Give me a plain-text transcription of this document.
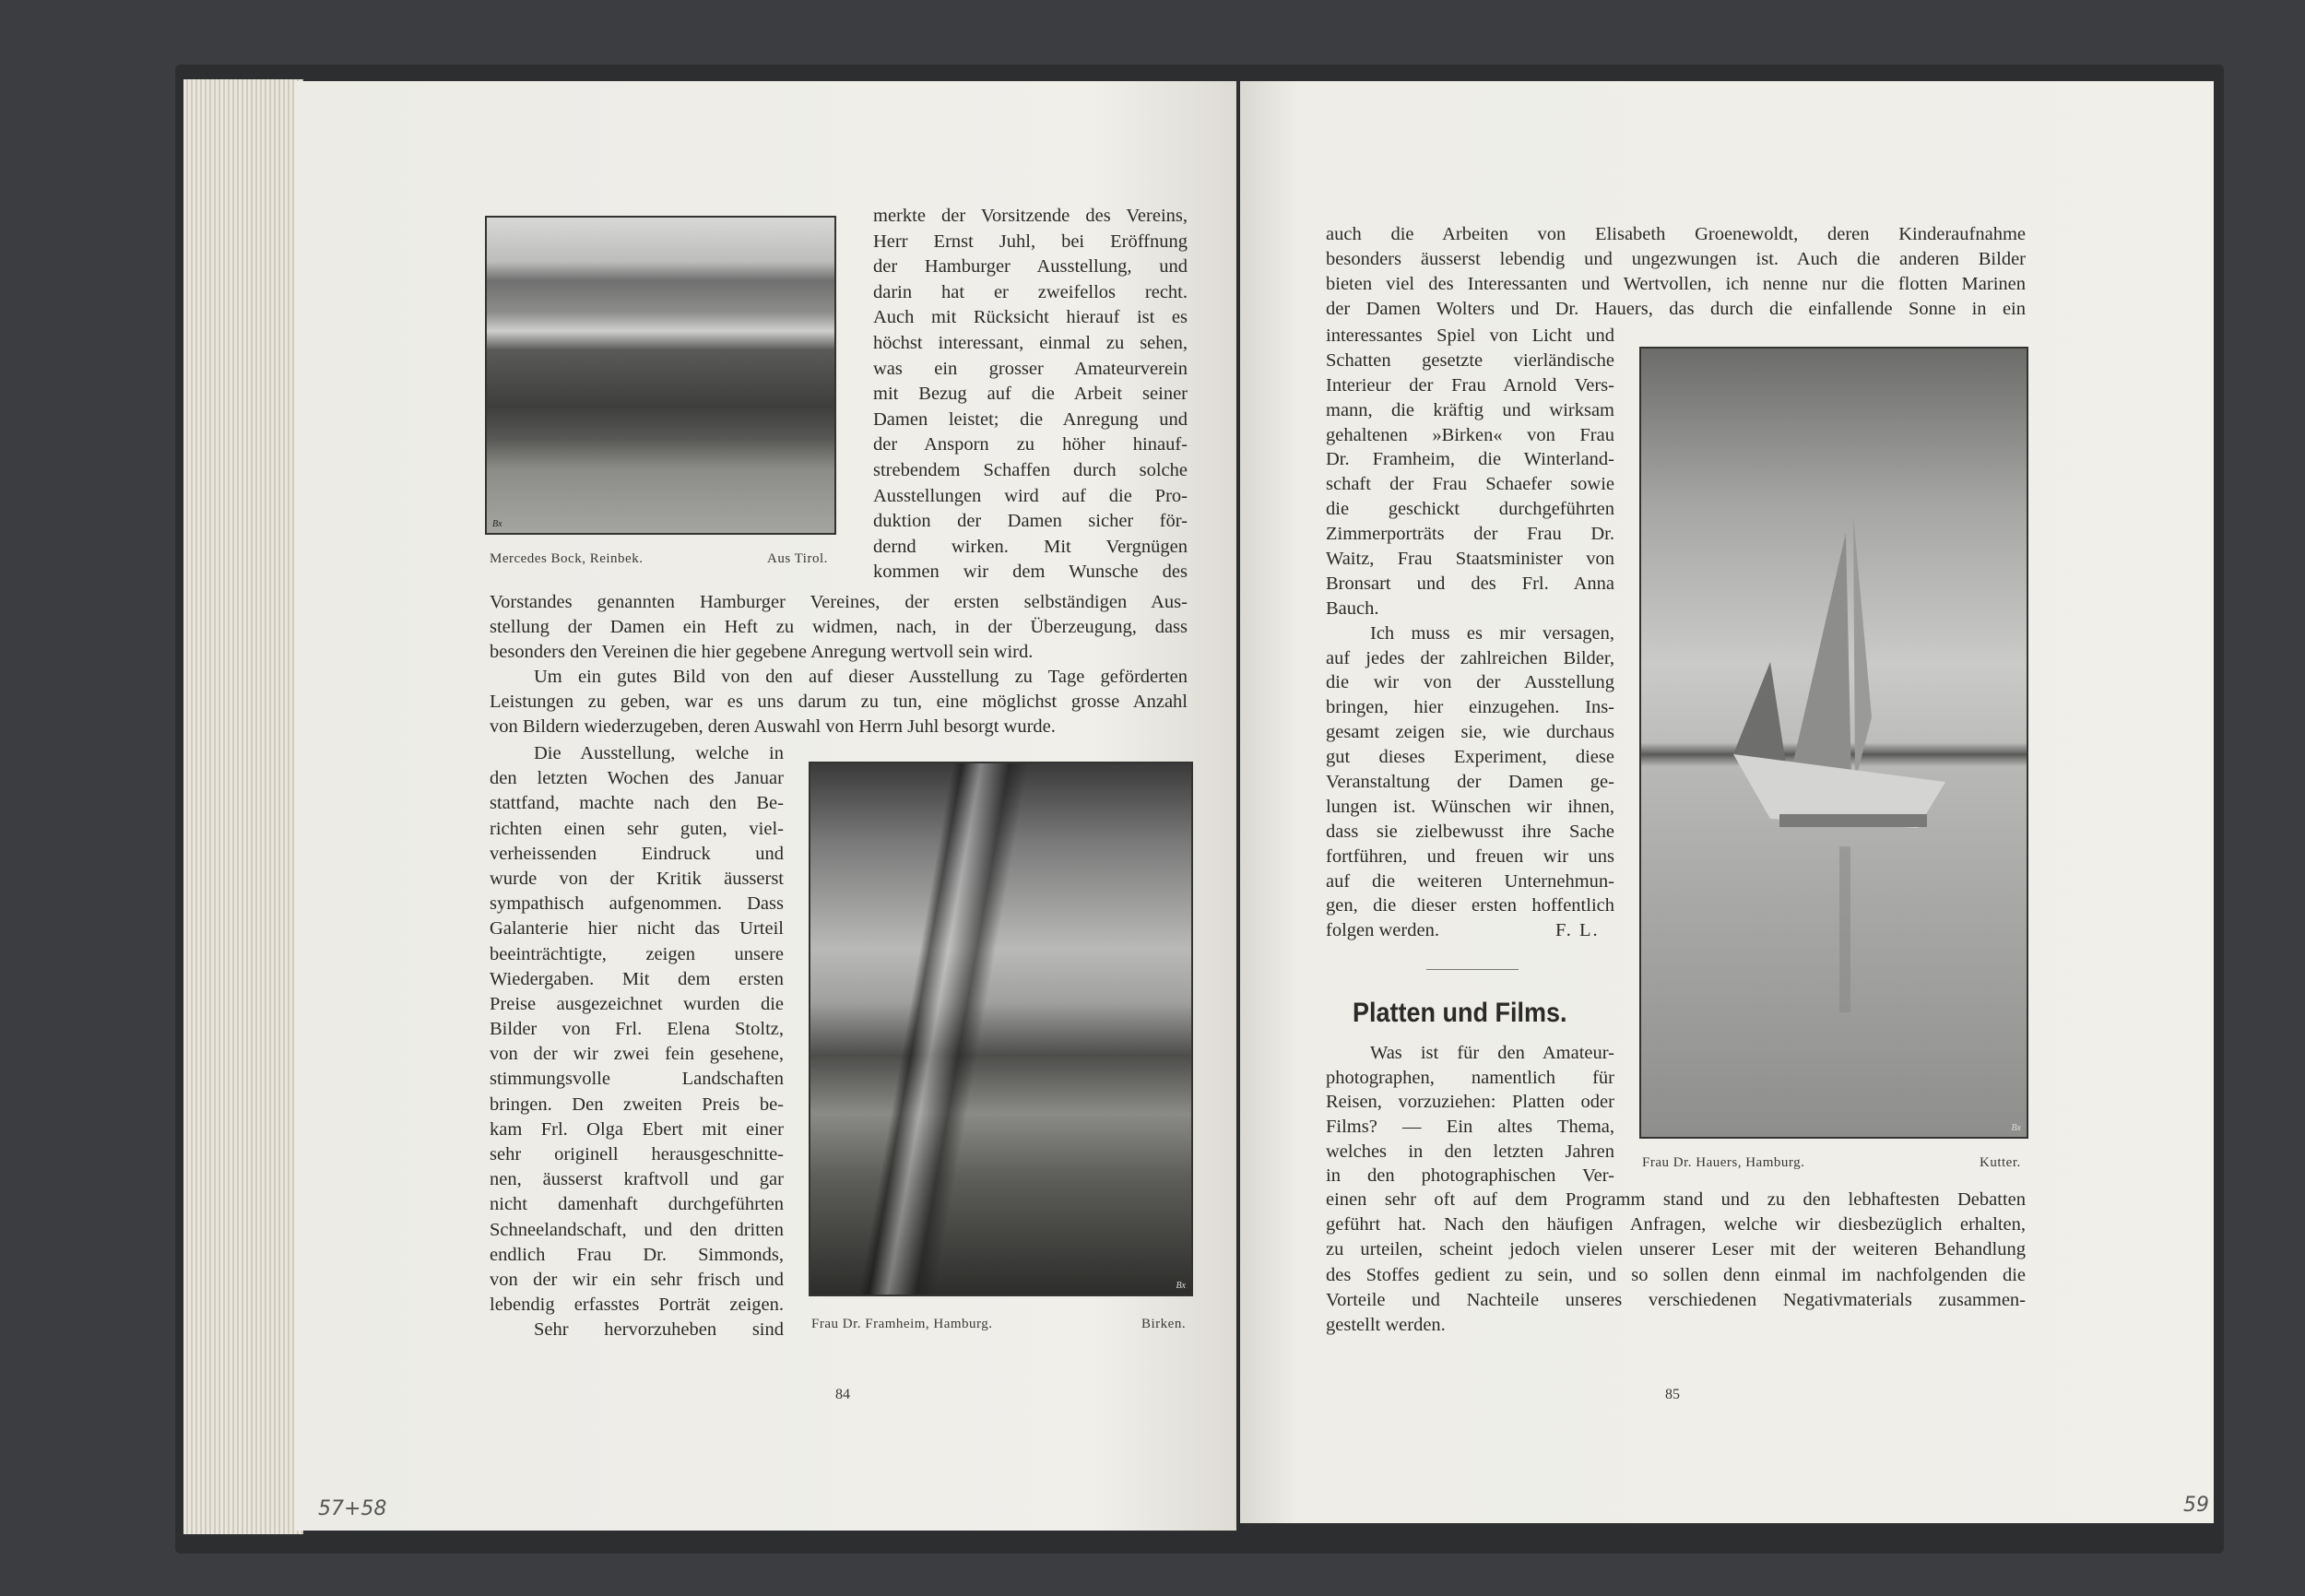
Bx
Mercedes Bock, Reinbek.	Aus Tirol.
Bx
Frau Dr. Framheim, Hamburg.	Birken.
Bx
Frau Dr. Hauers, Hamburg.	Kutter.
Platten und Films.
F. L.
84	85
57+58	59
merkte der Vorsitzende des Vereins,
Herr Ernst Juhl, bei Eröffnung
der Hamburger Ausstellung, und
darin hat er zweifellos recht.
Auch mit Rücksicht hierauf ist es
höchst interessant, einmal zu sehen,
was ein grosser Amateurverein
mit Bezug auf die Arbeit seiner
Damen leistet; die Anregung und
der Ansporn zu höher hinauf-
strebendem Schaffen durch solche
Ausstellungen wird auf die Pro-
duktion der Damen sicher för-
dernd wirken. Mit Vergnügen
kommen wir dem Wunsche des
Vorstandes genannten Hamburger Vereines, der ersten selbständigen Aus-
stellung der Damen ein Heft zu widmen, nach, in der Überzeugung, dass
besonders den Vereinen die hier gegebene Anregung wertvoll sein wird.
Um ein gutes Bild von den auf dieser Ausstellung zu Tage geförderten
Leistungen zu geben, war es uns darum zu tun, eine möglichst grosse Anzahl
von Bildern wiederzugeben, deren Auswahl von Herrn Juhl besorgt wurde.
Die Ausstellung, welche in
den letzten Wochen des Januar
stattfand, machte nach den Be-
richten einen sehr guten, viel-
verheissenden Eindruck und
wurde von der Kritik äusserst
sympathisch aufgenommen. Dass
Galanterie hier nicht das Urteil
beeinträchtigte, zeigen unsere
Wiedergaben. Mit dem ersten
Preise ausgezeichnet wurden die
Bilder von Frl. Elena Stoltz,
von der wir zwei fein gesehene,
stimmungsvolle Landschaften
bringen. Den zweiten Preis be-
kam Frl. Olga Ebert mit einer
sehr originell herausgeschnitte-
nen, äusserst kraftvoll und gar
nicht damenhaft durchgeführten
Schneelandschaft, und den dritten
endlich Frau Dr. Simmonds,
von der wir ein sehr frisch und
lebendig erfasstes Porträt zeigen.
Sehr hervorzuheben sind
auch die Arbeiten von Elisabeth Groenewoldt, deren Kinderaufnahme
besonders äusserst lebendig und ungezwungen ist. Auch die anderen Bilder
bieten viel des Interessanten und Wertvollen, ich nenne nur die flotten Marinen
der Damen Wolters und Dr. Hauers, das durch die einfallende Sonne in ein
interessantes Spiel von Licht und
Schatten gesetzte vierländische
Interieur der Frau Arnold Vers-
mann, die kräftig und wirksam
gehaltenen »Birken« von Frau
Dr. Framheim, die Winterland-
schaft der Frau Schaefer sowie
die geschickt durchgeführten
Zimmerporträts der Frau Dr.
Waitz, Frau Staatsminister von
Bronsart und des Frl. Anna
Bauch.
Ich muss es mir versagen,
auf jedes der zahlreichen Bilder,
die wir von der Ausstellung
bringen, hier einzugehen. Ins-
gesamt zeigen sie, wie durchaus
gut dieses Experiment, diese
Veranstaltung der Damen ge-
lungen ist. Wünschen wir ihnen,
dass sie zielbewusst ihre Sache
fortführen, und freuen wir uns
auf die weiteren Unternehmun-
gen, die dieser ersten hoffentlich
folgen werden.
Was ist für den Amateur-
photographen, namentlich für
Reisen, vorzuziehen: Platten oder
Films? — Ein altes Thema,
welches in den letzten Jahren
in den photographischen Ver-
einen sehr oft auf dem Programm stand und zu den lebhaftesten Debatten
geführt hat. Nach den häufigen Anfragen, welche wir diesbezüglich erhalten,
zu urteilen, scheint jedoch vielen unserer Leser mit der weiteren Behandlung
des Stoffes gedient zu sein, und so sollen denn einmal im nachfolgenden die
Vorteile und Nachteile unseres verschiedenen Negativmaterials zusammen-
gestellt werden.
